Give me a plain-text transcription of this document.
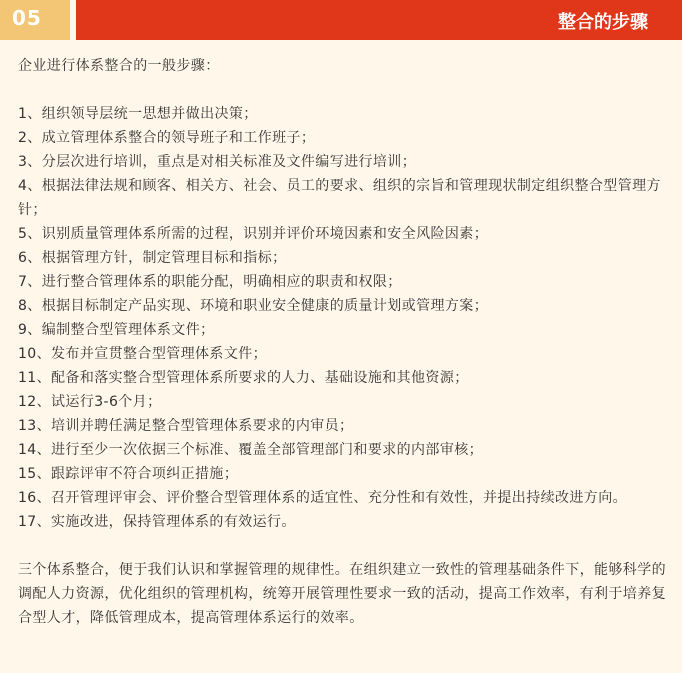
05	整合的步骤

企业进行体系整合的一般步骤：

1、组织领导层统一思想并做出决策；

2、成立管理体系整合的领导班子和工作班子；

3、分层次进行培训，重点是对相关标准及文件编写进行培训；

4、根据法律法规和顾客、相关方、社会、员工的要求、组织的宗旨和管理现状制定组织整合型管理方针；

5、识别质量管理体系所需的过程，识别并评价环境因素和安全风险因素；

6、根据管理方针，制定管理目标和指标；

7、进行整合管理体系的职能分配，明确相应的职责和权限；

8、根据目标制定产品实现、环境和职业安全健康的质量计划或管理方案；

9、编制整合型管理体系文件；

10、发布并宣贯整合型管理体系文件；

11、配备和落实整合型管理体系所要求的人力、基础设施和其他资源；

12、试运行3-6个月；

13、培训并聘任满足整合型管理体系要求的内审员；

14、进行至少一次依据三个标准、覆盖全部管理部门和要求的内部审核；

15、跟踪评审不符合项纠正措施；

16、召开管理评审会、评价整合型管理体系的适宜性、充分性和有效性，并提出持续改进方向。

17、实施改进，保持管理体系的有效运行。

三个体系整合，便于我们认识和掌握管理的规律性。在组织建立一致性的管理基础条件下，能够科学的调配人力资源，优化组织的管理机构，统筹开展管理性要求一致的活动，提高工作效率，有利于培养复合型人才，降低管理成本，提高管理体系运行的效率。
